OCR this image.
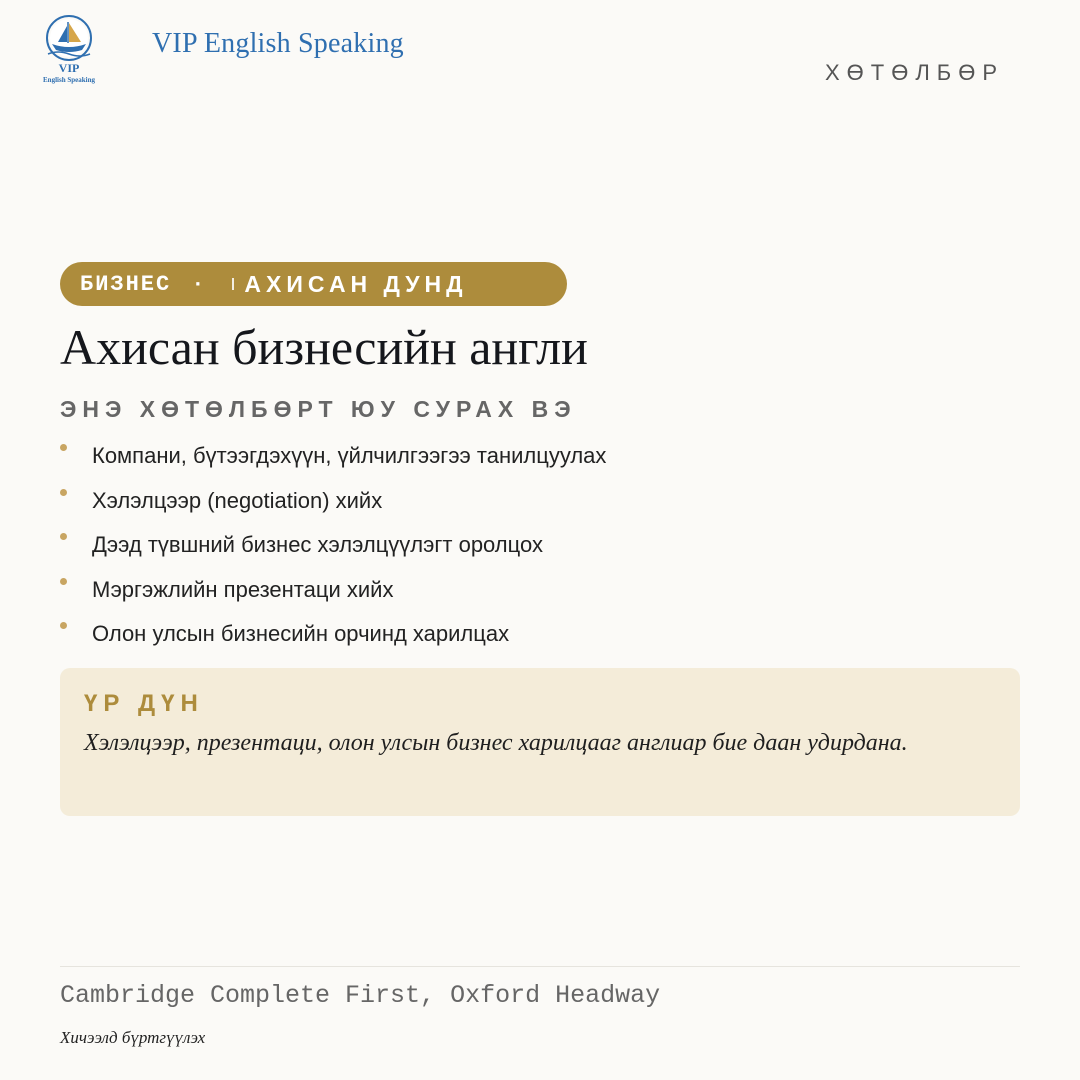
VIP
English Speaking
VIP English Speaking
ХӨТӨЛБӨР
БИЗНЕС · АХИСАН ДУНД
Ахисан бизнесийн англи
ЭНЭ ХӨТӨЛБӨРТ ЮУ СУРАХ ВЭ
Компани, бүтээгдэхүүн, үйлчилгээгээ танилцуулах
Хэлэлцээр (negotiation) хийх
Дээд түвшний бизнес хэлэлцүүлэгт оролцох
Мэргэжлийн презентаци хийх
Олон улсын бизнесийн орчинд харилцах
ҮР ДҮН
Хэлэлцээр, презентаци, олон улсын бизнес харилцааг англиар бие даан удирдана.
Cambridge Complete First, Oxford Headway
Хичээлд бүртгүүлэх
